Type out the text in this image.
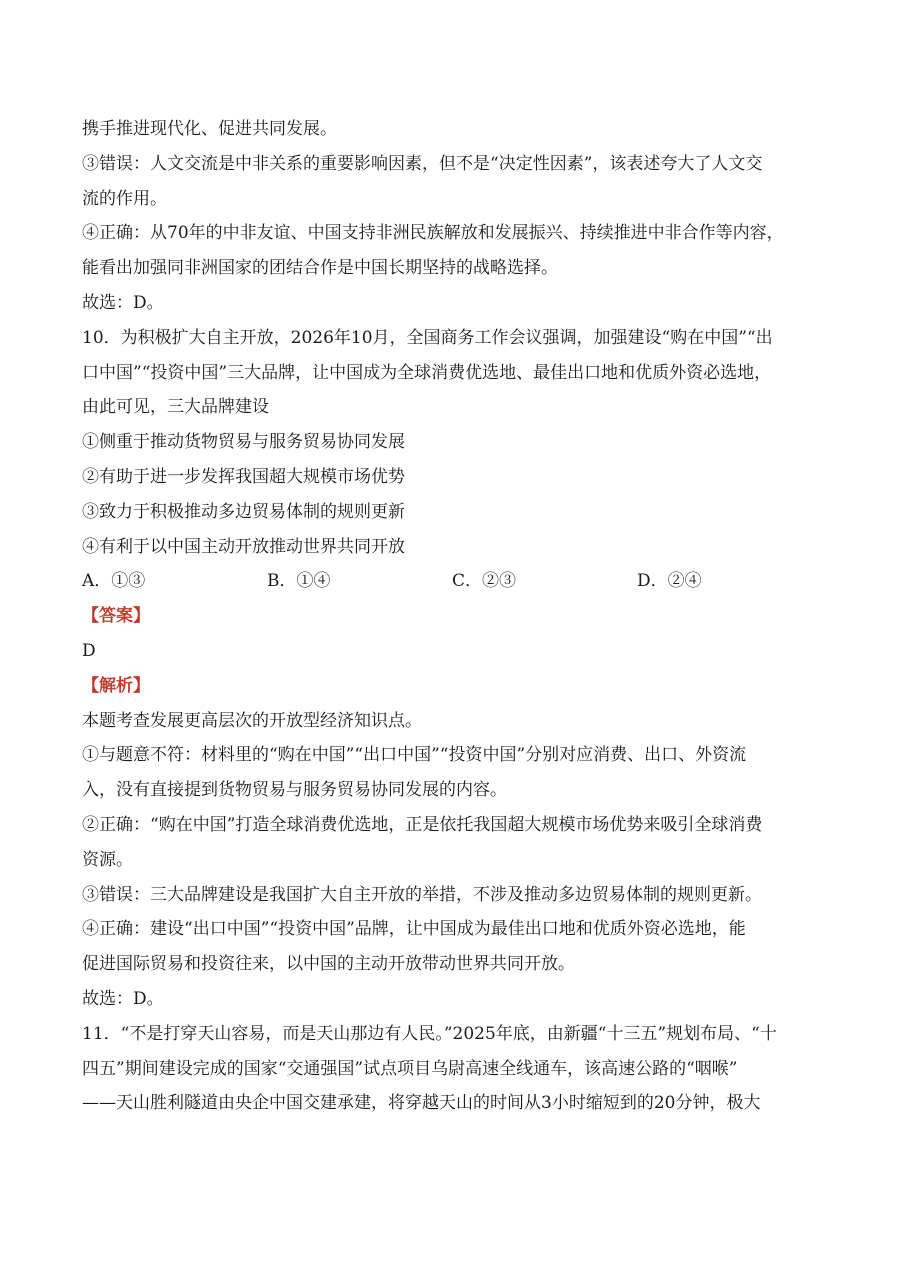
携手推进现代化、促进共同发展。
③错误：人文交流是中非关系的重要影响因素，但不是“决定性因素”，该表述夸大了人文交
流的作用。
④正确：从70年的中非友谊、中国支持非洲民族解放和发展振兴、持续推进中非合作等内容，
能看出加强同非洲国家的团结合作是中国长期坚持的战略选择。
故选：D。
10．为积极扩大自主开放，2026年10月，全国商务工作会议强调，加强建设“购在中国”“出
口中国”“投资中国”三大品牌，让中国成为全球消费优选地、最佳出口地和优质外资必选地，
由此可见，三大品牌建设
①侧重于推动货物贸易与服务贸易协同发展
②有助于进一步发挥我国超大规模市场优势
③致力于积极推动多边贸易体制的规则更新
④有利于以中国主动开放推动世界共同开放
A．①③	B．①④	C．②③	D．②④
【答案】
D
【解析】
本题考查发展更高层次的开放型经济知识点。
①与题意不符：材料里的“购在中国”“出口中国”“投资中国”分别对应消费、出口、外资流
入，没有直接提到货物贸易与服务贸易协同发展的内容。
②正确：“购在中国”打造全球消费优选地，正是依托我国超大规模市场优势来吸引全球消费
资源。
③错误：三大品牌建设是我国扩大自主开放的举措，不涉及推动多边贸易体制的规则更新。
④正确：建设“出口中国”“投资中国”品牌，让中国成为最佳出口地和优质外资必选地，能
促进国际贸易和投资往来，以中国的主动开放带动世界共同开放。
故选：D。
11．“不是打穿天山容易，而是天山那边有人民。”2025年底，由新疆“十三五”规划布局、“十
四五”期间建设完成的国家“交通强国”试点项目乌尉高速全线通车，该高速公路的“咽喉”
——天山胜利隧道由央企中国交建承建，将穿越天山的时间从3小时缩短到的20分钟，极大
